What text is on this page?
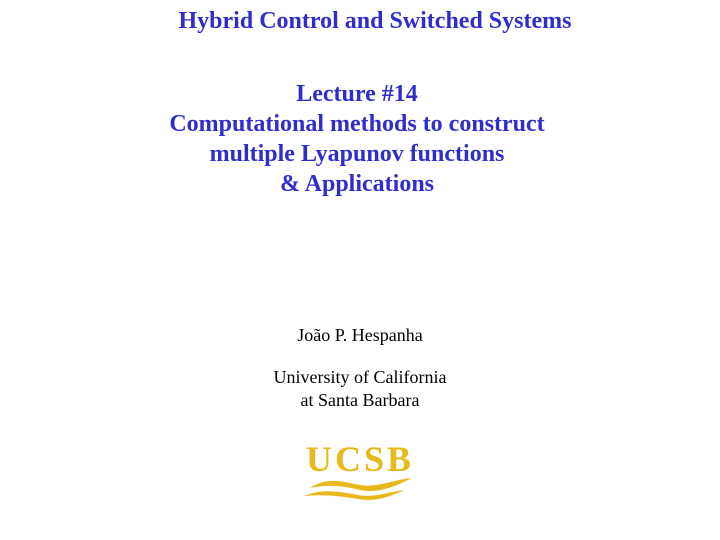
Hybrid Control and Switched Systems
Lecture #14
Computational methods to construct
multiple Lyapunov functions
& Applications
João P. Hespanha
University of California
at Santa Barbara
UCSB
